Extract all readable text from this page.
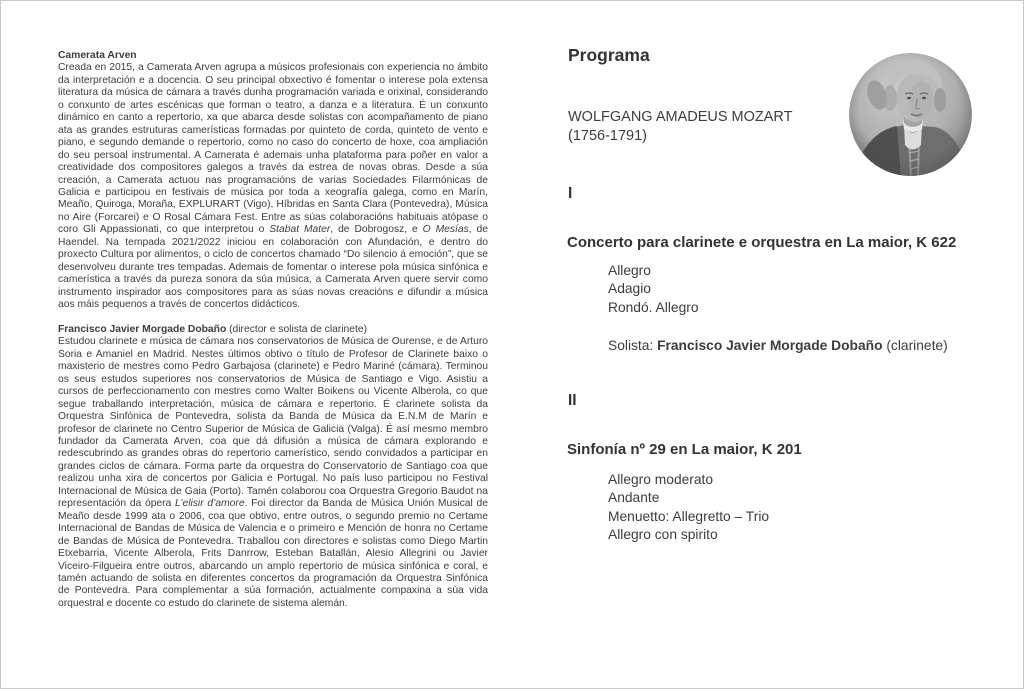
Camerata Arven
Creada en 2015, a Camerata Arven agrupa a músicos profesionais con experiencia no ámbito da interpretación e a docencia. O seu principal obxectivo é fomentar o interese pola extensa literatura da música de cámara a través dunha programación variada e orixinal, considerando o conxunto de artes escénicas que forman o teatro, a danza e a literatura. É un conxunto dinámico en canto a repertorio, xa que abarca desde solistas con acompañamento de piano ata as grandes estruturas camerísticas formadas por quinteto de corda, quinteto de vento e piano, e segundo demande o repertorio, como no caso do concerto de hoxe, coa ampliación do seu persoal instrumental. A Camerata é ademais unha plataforma para poñer en valor a creatividade dos compositores galegos a través da estrea de novas obras. Desde a súa creación, a Camerata actuou nas programacións de varias Sociedades Filarmónicas de Galicia e participou en festivais de música por toda a xeografía galega, como en Marín, Meaño, Quiroga, Moraña, EXPLURART (Vigo), Híbridas en Santa Clara (Pontevedra), Música no Aire (Forcarei) e O Rosal Cámara Fest. Entre as súas colaboracións habituais atópase o coro Gli Appassionati, co que interpretou o Stabat Mater, de Dobrogosz, e O Mesías, de Haendel. Na tempada 2021/2022 iniciou en colaboración con Afundación, e dentro do proxecto Cultura por alimentos, o ciclo de concertos chamado “Do silencio á emoción”, que se desenvolveu durante tres tempadas. Ademais de fomentar o interese pola música sinfónica e camerística a través da pureza sonora da súa música, a Camerata Arven quere servir como instrumento inspirador aos compositores para as súas novas creacións e difundir a música aos máis pequenos a través de concertos didácticos.

Francisco Javier Morgade Dobaño (director e solista de clarinete)
Estudou clarinete e música de cámara nos conservatorios de Música de Ourense, e de Arturo Soria e Amaniel en Madrid. Nestes últimos obtivo o título de Profesor de Clarinete baixo o maxisterio de mestres como Pedro Garbajosa (clarinete) e Pedro Mariné (cámara). Terminou os seus estudos superiores nos conservatorios de Música de Santiago e Vigo. Asistiu a cursos de perfeccionamento con mestres como Walter Boikens ou Vicente Alberola, co que segue traballando interpretación, música de cámara e repertorio. É clarinete solista da Orquestra Sinfónica de Pontevedra, solista da Banda de Música da E.N.M de Marín e profesor de clarinete no Centro Superior de Música de Galicia (Valga). É así mesmo membro fundador da Camerata Arven, coa que dá difusión a música de cámara explorando e redescubrindo as grandes obras do repertorio camerístico, sendo convidados a participar en grandes ciclos de cámara. Forma parte da orquestra do Conservatorio de Santiago coa que realizou unha xira de concertos por Galicia e Portugal. No país luso participou no Festival Internacional de Música de Gaia (Porto). Tamén colaborou coa Orquestra Gregorio Baudot na representación da ópera L’elisir d’amore. Foi director da Banda de Música Unión Musical de Meaño desde 1999 ata o 2006, coa que obtivo, entre outros, o segundo premio no Certame Internacional de Bandas de Música de Valencia e o primeiro e Mención de honra no Certame de Bandas de Música de Pontevedra. Traballou con directores e solistas como Diego Martin Etxebarria, Vicente Alberola, Frits Danrrow, Esteban Batallán, Alesio Allegrini ou Javier Viceiro-Filgueira entre outros, abarcando un amplo repertorio de música sinfónica e coral, e tamén actuando de solista en diferentes concertos da programación da Orquestra Sinfónica de Pontevedra. Para complementar a súa formación, actualmente compaxina a súa vida orquestral e docente co estudo do clarinete de sistema alemán.

Programa
WOLFGANG AMADEUS MOZART
(1756-1791)
I
Concerto para clarinete e orquestra en La maior, K 622
Allegro
Adagio
Rondó. Allegro
Solista: Francisco Javier Morgade Dobaño (clarinete)
II
Sinfonía nº 29 en La maior, K 201
Allegro moderato
Andante
Menuetto: Allegretto – Trio
Allegro con spirito
